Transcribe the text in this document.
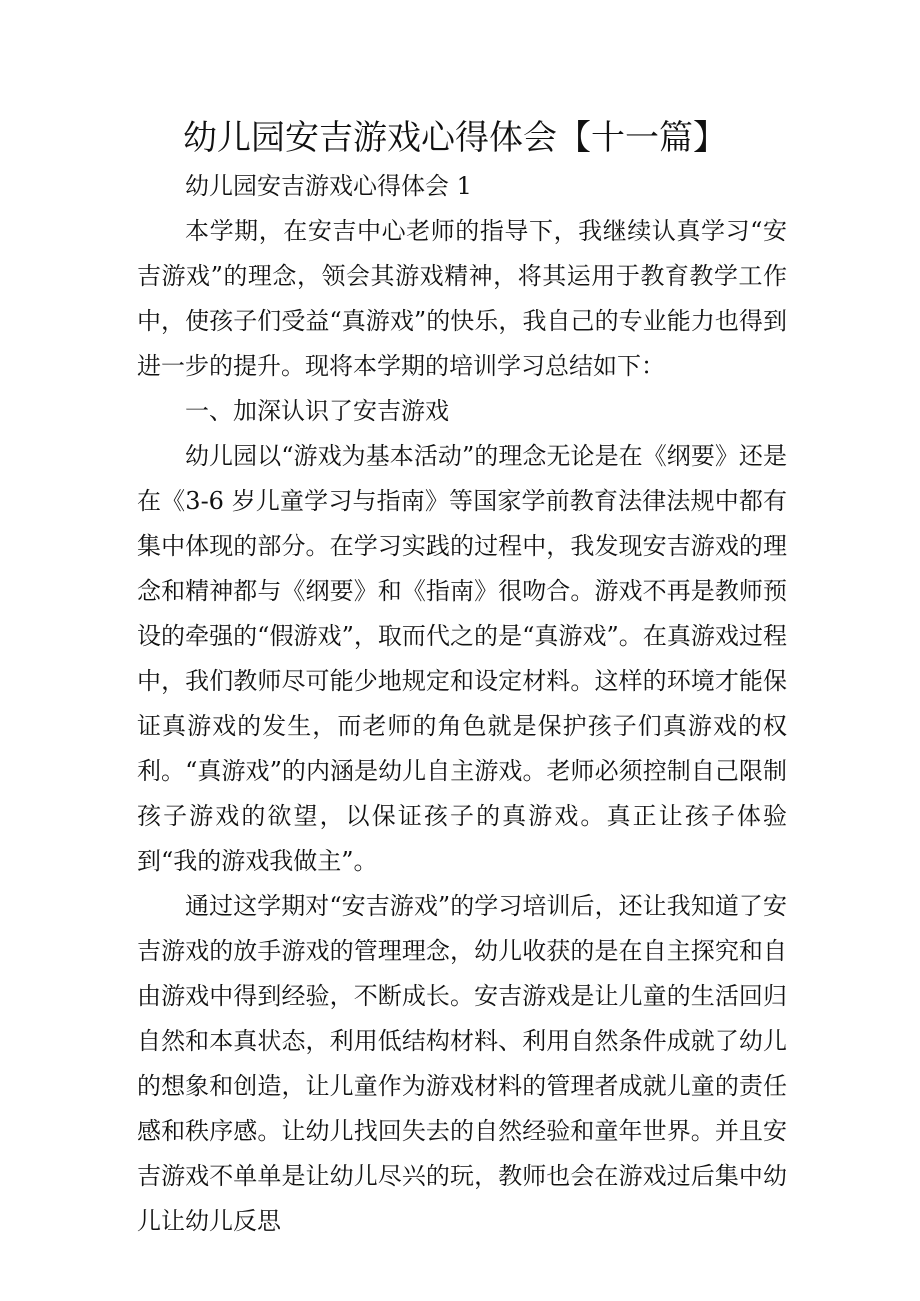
幼儿园安吉游戏心得体会【十一篇】

幼儿园安吉游戏心得体会 1

本学期，在安吉中心老师的指导下，我继续认真学习“安吉游戏”的理念，领会其游戏精神，将其运用于教育教学工作中，使孩子们受益“真游戏”的快乐，我自己的专业能力也得到进一步的提升。现将本学期的培训学习总结如下：

一、加深认识了安吉游戏

幼儿园以“游戏为基本活动”的理念无论是在《纲要》还是在《3-6 岁儿童学习与指南》等国家学前教育法律法规中都有集中体现的部分。在学习实践的过程中，我发现安吉游戏的理念和精神都与《纲要》和《指南》很吻合。游戏不再是教师预设的牵强的“假游戏”，取而代之的是“真游戏”。在真游戏过程中，我们教师尽可能少地规定和设定材料。这样的环境才能保证真游戏的发生，而老师的角色就是保护孩子们真游戏的权利。“真游戏”的内涵是幼儿自主游戏。老师必须控制自己限制孩子游戏的欲望，以保证孩子的真游戏。真正让孩子体验到“我的游戏我做主”。

通过这学期对“安吉游戏”的学习培训后，还让我知道了安吉游戏的放手游戏的管理理念，幼儿收获的是在自主探究和自由游戏中得到经验，不断成长。安吉游戏是让儿童的生活回归自然和本真状态，利用低结构材料、利用自然条件成就了幼儿的想象和创造，让儿童作为游戏材料的管理者成就儿童的责任感和秩序感。让幼儿找回失去的自然经验和童年世界。并且安吉游戏不单单是让幼儿尽兴的玩，教师也会在游戏过后集中幼儿让幼儿反思
